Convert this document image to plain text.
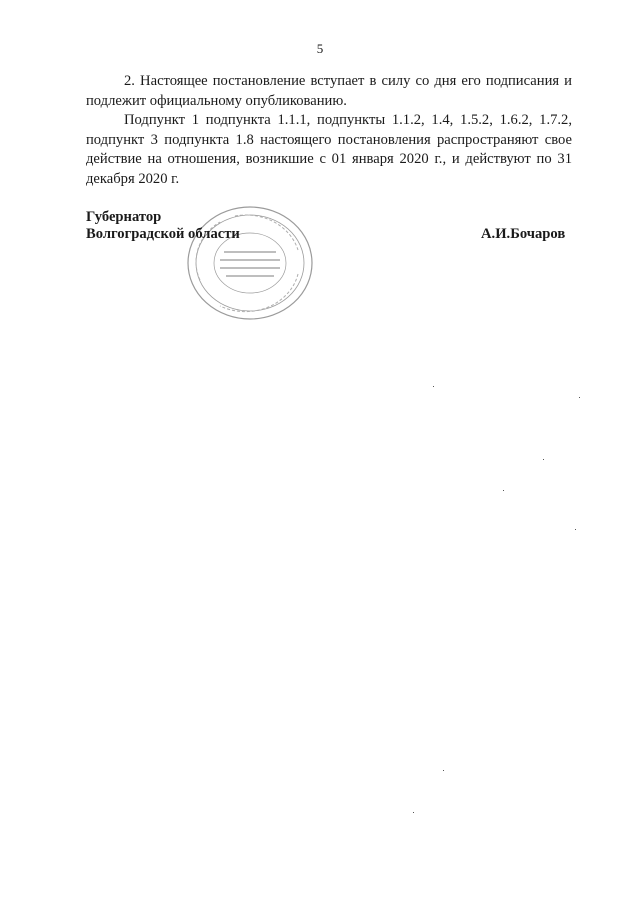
5

2. Настоящее постановление вступает в силу со дня его подписания и подлежит официальному опубликованию.

Подпункт 1 подпункта 1.1.1, подпункты 1.1.2, 1.4, 1.5.2, 1.6.2, 1.7.2, подпункт 3 подпункта 1.8 настоящего постановления распространяют свое действие на отношения, возникшие с 01 января 2020 г., и действуют по 31 декабря 2020 г.

Губернатор
Волгоградской области	А.И.Бочаров
